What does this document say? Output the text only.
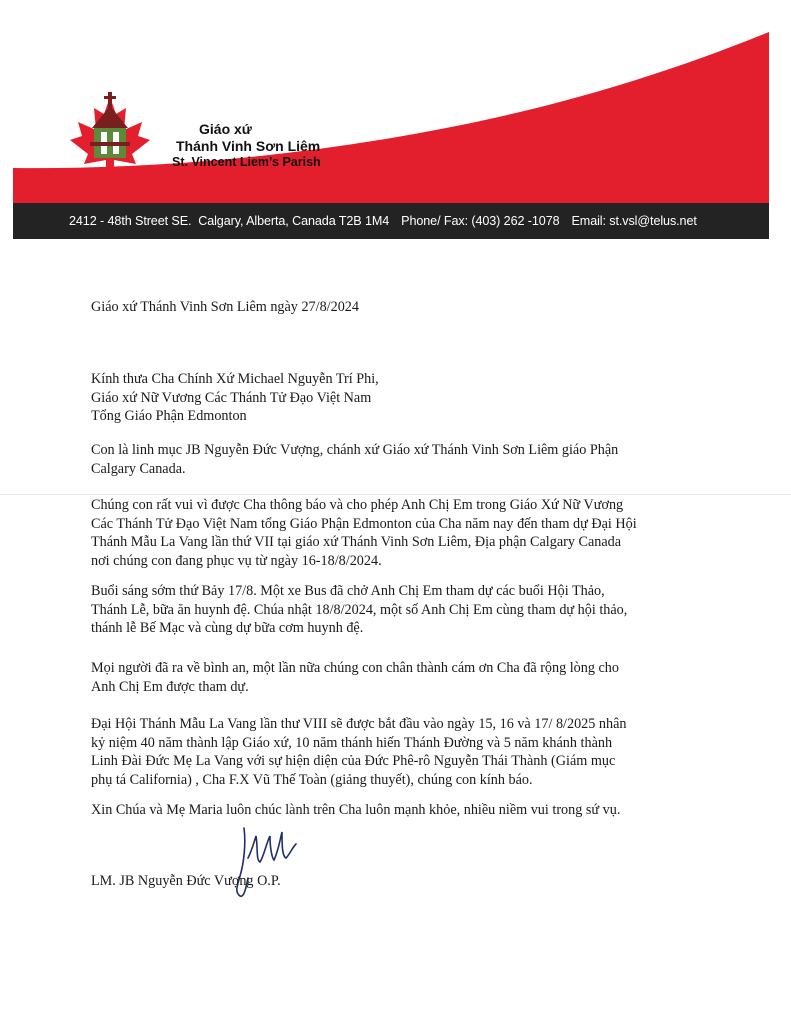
Giáo xứ
Thánh Vinh Sơn Liêm
St. Vincent Liem’s Parish
2412 - 48th Street SE.  Calgary, Alberta, Canada T2B 1M4 Phone/ Fax: (403) 262 -1078 Email: st.vsl@telus.net
Giáo xứ Thánh Vinh Sơn Liêm ngày 27/8/2024
Kính thưa Cha Chính Xứ Michael Nguyễn Trí Phi,
Giáo xứ Nữ Vương Các Thánh Tử Đạo Việt Nam
Tổng Giáo Phận Edmonton
Con là linh mục JB Nguyễn Đức Vượng, chánh xứ Giáo xứ Thánh Vinh Sơn Liêm giáo Phận
Calgary Canada.
Chúng con rất vui vì được Cha thông báo và cho phép Anh Chị Em trong Giáo Xứ Nữ Vương
Các Thánh Tử Đạo Việt Nam tổng Giáo Phận Edmonton của Cha năm nay đến tham dự Đại Hội
Thánh Mẫu La Vang lần thứ VII tại giáo xứ Thánh Vinh Sơn Liêm, Địa phận Calgary Canada
nơi chúng con đang phục vụ từ ngày 16-18/8/2024.
Buổi sáng sớm thứ Bảy 17/8. Một xe Bus đã chở Anh Chị Em tham dự các buổi Hội Thảo,
Thánh Lễ, bữa ăn huynh đệ. Chúa nhật 18/8/2024, một số Anh Chị Em cùng tham dự hội thảo,
thánh lễ Bế Mạc và cùng dự bữa cơm huynh đệ.
Mọi người đã ra về bình an, một lần nữa chúng con chân thành cám ơn Cha đã rộng lòng cho
Anh Chị Em được tham dự.
Đại Hội Thánh Mẫu La Vang lần thư VIII sẽ được bắt đầu vào ngày 15, 16 và 17/ 8/2025 nhân
kỷ niệm 40 năm thành lập Giáo xứ, 10 năm thánh hiến Thánh Đường và 5 năm khánh thành
Linh Đài Đức Mẹ La Vang với sự hiện diện của Đức Phê-rô Nguyễn Thái Thành (Giám mục
phụ tá California) , Cha F.X Vũ Thế Toàn (giảng thuyết), chúng con kính báo.
Xin Chúa và Mẹ Maria luôn chúc lành trên Cha luôn mạnh khỏe, nhiều niềm vui trong sứ vụ.
LM. JB Nguyễn Đức Vượng O.P.
